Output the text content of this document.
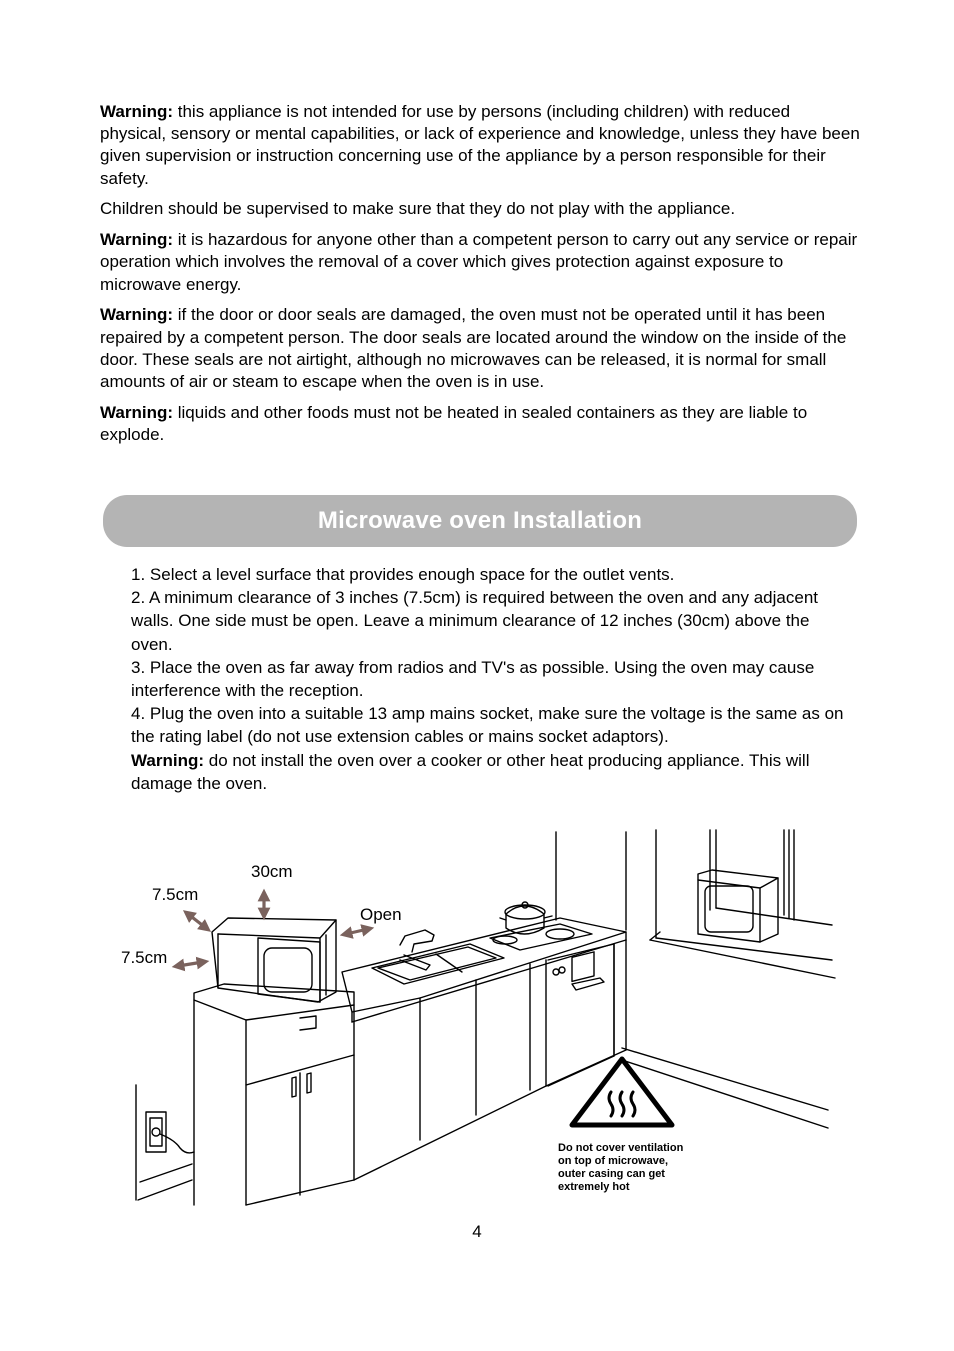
Warning: this appliance is not intended for use by persons (including children) with reduced physical, sensory or mental capabilities, or lack of experience and knowledge, unless they have been given supervision or instruction concerning use of the appliance by a person responsible for their safety.

Children should be supervised to make sure that they do not play with the appliance.

Warning: it is hazardous for anyone other than a competent person to carry out any service or repair operation which involves the removal of a cover which gives protection against exposure to microwave energy.

Warning: if the door or door seals are damaged, the oven must not be operated until it has been repaired by a competent person. The door seals are located around the window on the inside of the door. These seals are not airtight, although no microwaves can be released, it is normal for small amounts of air or steam to escape when the oven is in use.

Warning: liquids and other foods must not be heated in sealed containers as they are liable to explode.

Microwave oven Installation
1. Select a level surface that provides enough space for the outlet vents.
2. A minimum clearance of 3 inches (7.5cm) is required between the oven and any adjacent walls. One side must be open. Leave a minimum clearance of 12 inches (30cm) above the oven.
3. Place the oven as far away from radios and TV's as possible. Using the oven may cause interference with the reception.
4. Plug the oven into a suitable 13 amp mains socket, make sure the voltage is the same as on the rating label (do not use extension cables or mains socket adaptors).
Warning: do not install the oven over a cooker or other heat producing appliance. This will damage the oven.
30cm
7.5cm
7.5cm
Open
Do not cover ventilation
on top of microwave,
outer casing can get
extremely hot
4
